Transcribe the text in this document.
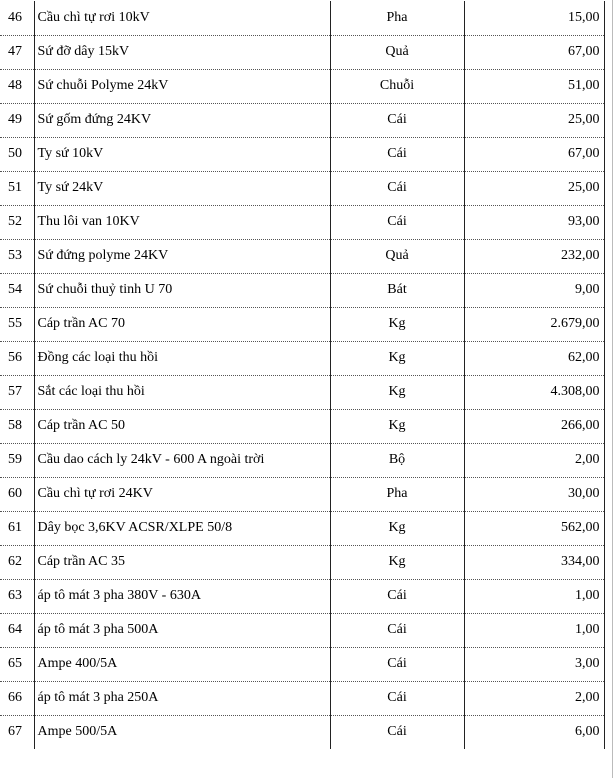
46	Cầu chì tự rơi 10kV	Pha	15,00
47	Sứ đỡ dây 15kV	Quả	67,00
48	Sứ chuỗi Polyme 24kV	Chuỗi	51,00
49	Sứ gốm đứng 24KV	Cái	25,00
50	Ty sứ 10kV	Cái	67,00
51	Ty sứ 24kV	Cái	25,00
52	Thu lôi van 10KV	Cái	93,00
53	Sứ đứng polyme 24KV	Quả	232,00
54	Sứ chuỗi thuỷ tinh U 70	Bát	9,00
55	Cáp trần AC 70	Kg	2.679,00
56	Đồng các loại thu hồi	Kg	62,00
57	Sắt các loại thu hồi	Kg	4.308,00
58	Cáp trần AC 50	Kg	266,00
59	Cầu dao cách ly 24kV - 600 A ngoài trời	Bộ	2,00
60	Cầu chì tự rơi 24KV	Pha	30,00
61	Dây bọc 3,6KV ACSR/XLPE 50/8	Kg	562,00
62	Cáp trần AC 35	Kg	334,00
63	áp tô mát 3 pha 380V - 630A	Cái	1,00
64	áp tô mát 3 pha 500A	Cái	1,00
65	Ampe 400/5A	Cái	3,00
66	áp tô mát 3 pha 250A	Cái	2,00
67	Ampe 500/5A	Cái	6,00
